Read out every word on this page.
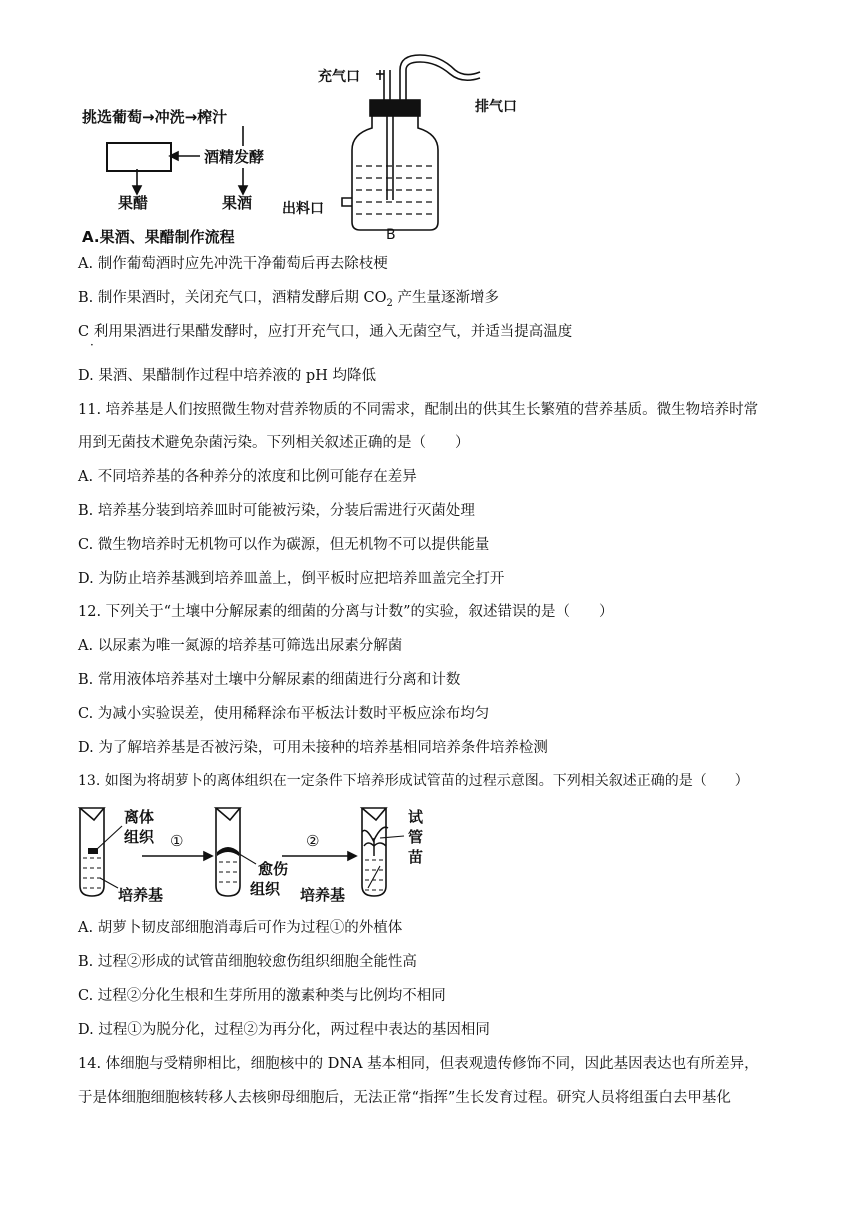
挑选葡萄→冲洗→榨汁
酒精发酵
果醋	果酒
A.果酒、果醋制作流程
充气口
排气口
出料口
B
离体
组织 ①	②
愈伤
组织
培养基	培养基
试
管
苗
A. 制作葡萄酒时应先冲洗干净葡萄后再去除枝梗
B. 制作果酒时，关闭充气口，酒精发酵后期 $CO_2$ 产生量逐渐增多
C 利用果酒进行果醋发酵时，应打开充气口，通入无菌空气，并适当提高温度
·
D. 果酒、果醋制作过程中培养液的 pH 均降低
11. 培养基是人们按照微生物对营养物质的不同需求，配制出的供其生长繁殖的营养基质。微生物培养时常
用到无菌技术避免杂菌污染。下列相关叙述正确的是（　　）
A. 不同培养基的各种养分的浓度和比例可能存在差异
B. 培养基分装到培养皿时可能被污染，分装后需进行灭菌处理
C. 微生物培养时无机物可以作为碳源，但无机物不可以提供能量
D. 为防止培养基溅到培养皿盖上，倒平板时应把培养皿盖完全打开
12. 下列关于“土壤中分解尿素的细菌的分离与计数”的实验，叙述错误的是（　　）
A. 以尿素为唯一氮源的培养基可筛选出尿素分解菌
B. 常用液体培养基对土壤中分解尿素的细菌进行分离和计数
C. 为减小实验误差，使用稀释涂布平板法计数时平板应涂布均匀
D. 为了解培养基是否被污染，可用未接种的培养基相同培养条件培养检测
13. 如图为将胡萝卜的离体组织在一定条件下培养形成试管苗的过程示意图。下列相关叙述正确的是（　　）
A. 胡萝卜韧皮部细胞消毒后可作为过程①的外植体
B. 过程②形成的试管苗细胞较愈伤组织细胞全能性高
C. 过程②分化生根和生芽所用的激素种类与比例均不相同
D. 过程①为脱分化，过程②为再分化，两过程中表达的基因相同
14. 体细胞与受精卵相比，细胞核中的 DNA 基本相同，但表观遗传修饰不同，因此基因表达也有所差异，
于是体细胞细胞核转移人去核卵母细胞后，无法正常“指挥”生长发育过程。研究人员将组蛋白去甲基化
